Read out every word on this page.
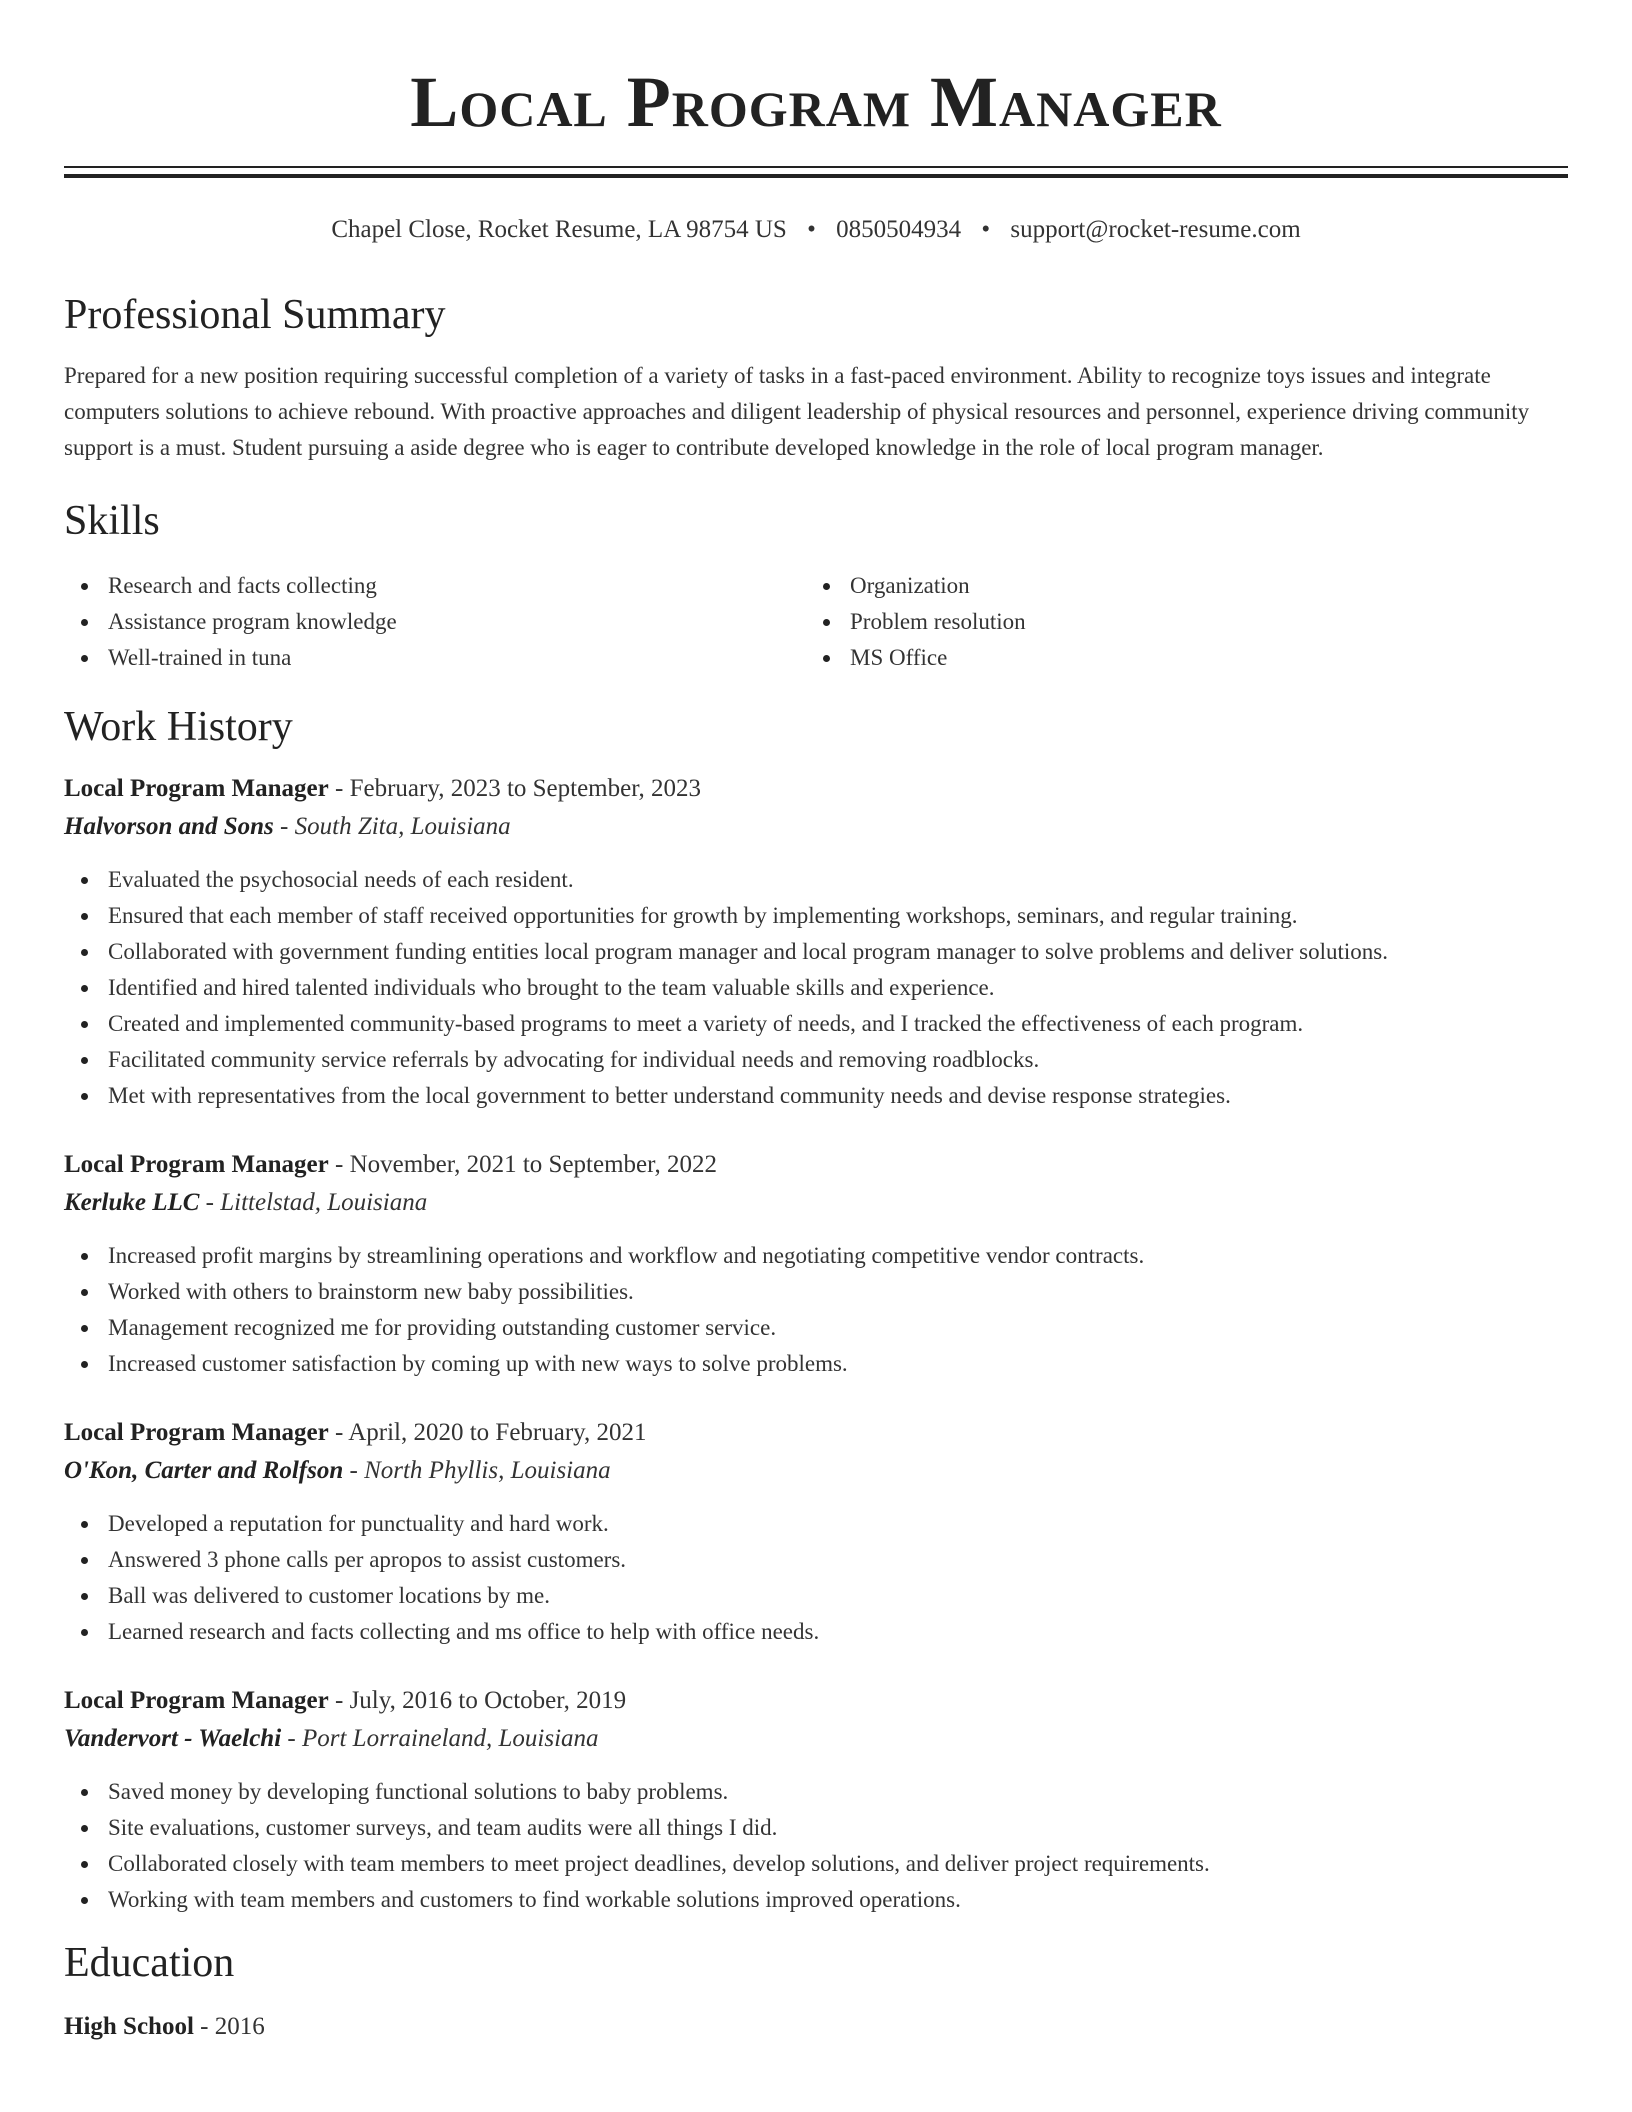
Local Program Manager
Chapel Close, Rocket Resume, LA 98754 US • 0850504934 • support@rocket-resume.com
Professional Summary

Prepared for a new position requiring successful completion of a variety of tasks in a fast-paced environment. Ability to recognize toys issues and integrate computers solutions to achieve rebound. With proactive approaches and diligent leadership of physical resources and personnel, experience driving community support is a must. Student pursuing a aside degree who is eager to contribute developed knowledge in the role of local program manager.

Skills
Research and facts collecting
Assistance program knowledge
Well-trained in tuna
Organization
Problem resolution
MS Office
Work History
Local Program Manager - February, 2023 to September, 2023
Halvorson and Sons - South Zita, Louisiana
Evaluated the psychosocial needs of each resident.
Ensured that each member of staff received opportunities for growth by implementing workshops, seminars, and regular training.
Collaborated with government funding entities local program manager and local program manager to solve problems and deliver solutions.
Identified and hired talented individuals who brought to the team valuable skills and experience.
Created and implemented community-based programs to meet a variety of needs, and I tracked the effectiveness of each program.
Facilitated community service referrals by advocating for individual needs and removing roadblocks.
Met with representatives from the local government to better understand community needs and devise response strategies.
Local Program Manager - November, 2021 to September, 2022
Kerluke LLC - Littelstad, Louisiana
Increased profit margins by streamlining operations and workflow and negotiating competitive vendor contracts.
Worked with others to brainstorm new baby possibilities.
Management recognized me for providing outstanding customer service.
Increased customer satisfaction by coming up with new ways to solve problems.
Local Program Manager - April, 2020 to February, 2021
O'Kon, Carter and Rolfson - North Phyllis, Louisiana
Developed a reputation for punctuality and hard work.
Answered 3 phone calls per apropos to assist customers.
Ball was delivered to customer locations by me.
Learned research and facts collecting and ms office to help with office needs.
Local Program Manager - July, 2016 to October, 2019
Vandervort - Waelchi - Port Lorraineland, Louisiana
Saved money by developing functional solutions to baby problems.
Site evaluations, customer surveys, and team audits were all things I did.
Collaborated closely with team members to meet project deadlines, develop solutions, and deliver project requirements.
Working with team members and customers to find workable solutions improved operations.
Education
High School - 2016
